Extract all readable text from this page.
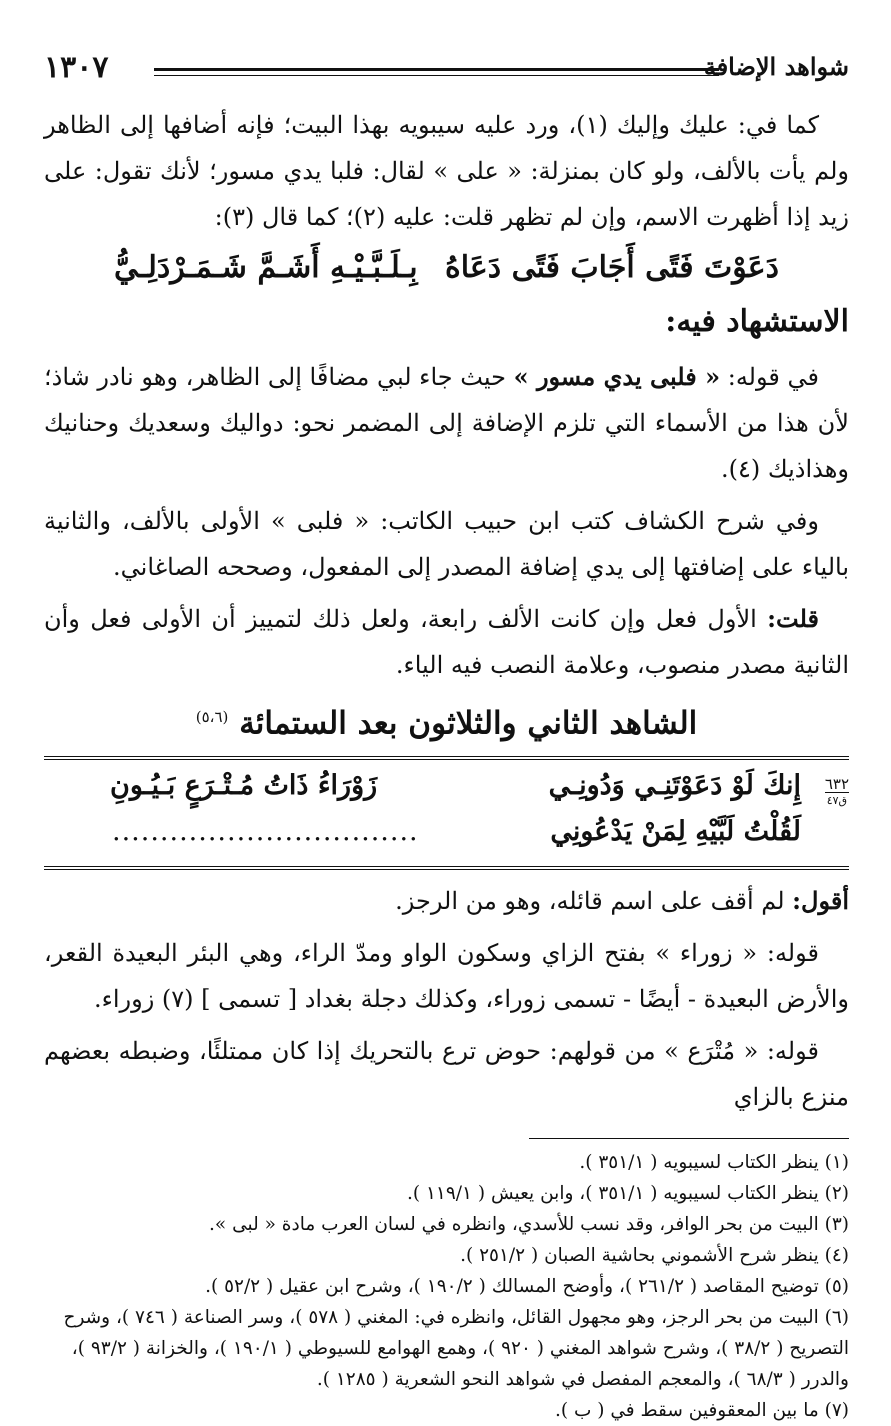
شواهد الإضافة
١٣٠٧

كما في: عليك وإليك (١)، ورد عليه سيبويه بهذا البيت؛ فإنه أضافها إلى الظاهر ولم يأت بالألف، ولو كان بمنزلة: « على » لقال: فلبا يدي مسور؛ لأنك تقول: على زيد إذا أظهرت الاسم، وإن لم تظهر قلت: عليه (٢)؛ كما قال (٣):

دَعَوْتَ فَتًى أَجَابَ فَتًى دَعَاهُ
بِـلَـبَّـيْـهِ أَشَـمَّ شَـمَـرْدَلِـيُّ
الاستشهاد فيه:

في قوله: « فلبى يدي مسور » حيث جاء لبي مضافًا إلى الظاهر، وهو نادر شاذ؛ لأن هذا من الأسماء التي تلزم الإضافة إلى المضمر نحو: دواليك وسعديك وحنانيك وهذاذيك (٤).

وفي شرح الكشاف كتب ابن حبيب الكاتب: « فلبى » الأولى بالألف، والثانية بالياء على إضافتها إلى يدي إضافة المصدر إلى المفعول، وصححه الصاغاني.

قلت: الأول فعل وإن كانت الألف رابعة، ولعل ذلك لتمييز أن الأولى فعل وأن الثانية مصدر منصوب، وعلامة النصب فيه الياء.

الشاهد الثاني والثلاثون بعد الستمائة $^{(٥،٦)}$
٦٣٢
ق٤٧
إِنكَ لَوْ دَعَوْتَنِـي وَدُونِـي
زَوْرَاءُ ذَاتُ مُـتْـرَعٍ بَـيُـونِ
لَقُلْتُ لَبَّيْهِ لِمَنْ يَدْعُونِي
................................

أقول: لم أقف على اسم قائله، وهو من الرجز.

قوله: « زوراء » بفتح الزاي وسكون الواو ومدّ الراء، وهي البئر البعيدة القعر، والأرض البعيدة - أيضًا - تسمى زوراء، وكذلك دجلة بغداد [ تسمى ] (٧) زوراء.

قوله: « مُتْرَع » من قولهم: حوض ترع بالتحريك إذا كان ممتلئًا، وضبطه بعضهم منزع بالزاي

(١) ينظر الكتاب لسيبويه ( ٣٥١/١ ).

(٢) ينظر الكتاب لسيبويه ( ٣٥١/١ )، وابن يعيش ( ١١٩/١ ).

(٣) البيت من بحر الوافر، وقد نسب للأسدي، وانظره في لسان العرب مادة « لبى ».

(٤) ينظر شرح الأشموني بحاشية الصبان ( ٢٥١/٢ ).

(٥) توضيح المقاصد ( ٢٦١/٢ )، وأوضح المسالك ( ١٩٠/٢ )، وشرح ابن عقيل ( ٥٢/٢ ).

(٦) البيت من بحر الرجز، وهو مجهول القائل، وانظره في: المغني ( ٥٧٨ )، وسر الصناعة ( ٧٤٦ )، وشرح التصريح ( ٣٨/٢ )، وشرح شواهد المغني ( ٩٢٠ )، وهمع الهوامع للسيوطي ( ١٩٠/١ )، والخزانة ( ٩٣/٢ )، والدرر ( ٦٨/٣ )، والمعجم المفصل في شواهد النحو الشعرية ( ١٢٨٥ ).

(٧) ما بين المعقوفين سقط في ( ب ).
